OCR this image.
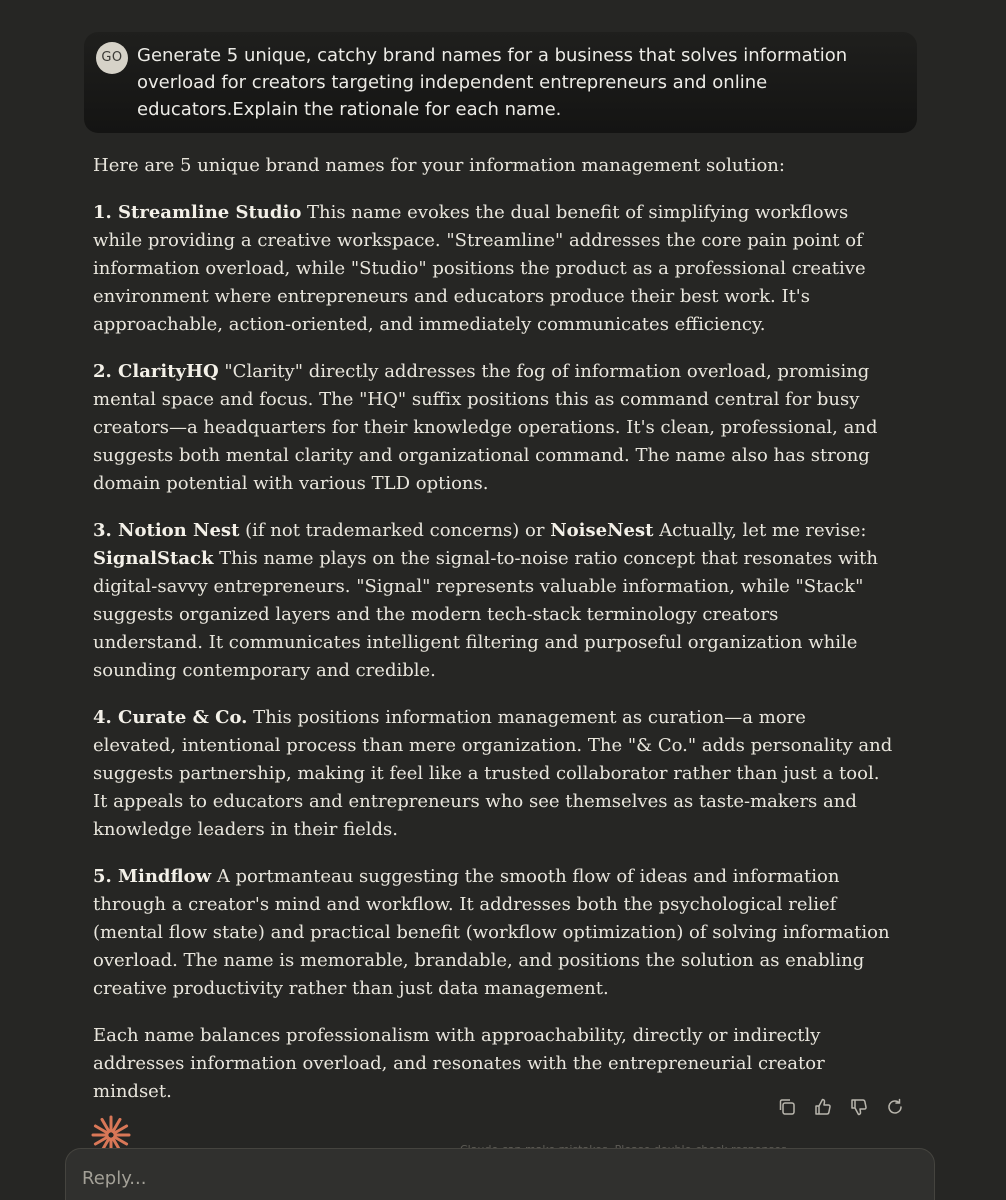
GO Generate 5 unique, catchy brand names for a business that solves information overload for creators targeting independent entrepreneurs and online educators.Explain the rationale for each name.

Here are 5 unique brand names for your information management solution:

1. Streamline Studio This name evokes the dual benefit of simplifying workflows while providing a creative workspace. "Streamline" addresses the core pain point of information overload, while "Studio" positions the product as a professional creative environment where entrepreneurs and educators produce their best work. It's approachable, action-oriented, and immediately communicates efficiency.

2. ClarityHQ "Clarity" directly addresses the fog of information overload, promising mental space and focus. The "HQ" suffix positions this as command central for busy creators—a headquarters for their knowledge operations. It's clean, professional, and suggests both mental clarity and organizational command. The name also has strong domain potential with various TLD options.

3. Notion Nest (if not trademarked concerns) or NoiseNest Actually, let me revise: SignalStack This name plays on the signal-to-noise ratio concept that resonates with digital-savvy entrepreneurs. "Signal" represents valuable information, while "Stack" suggests organized layers and the modern tech-stack terminology creators understand. It communicates intelligent filtering and purposeful organization while sounding contemporary and credible.

4. Curate & Co. This positions information management as curation—a more elevated, intentional process than mere organization. The "& Co." adds personality and suggests partnership, making it feel like a trusted collaborator rather than just a tool. It appeals to educators and entrepreneurs who see themselves as taste-makers and knowledge leaders in their fields.

5. Mindflow A portmanteau suggesting the smooth flow of ideas and information through a creator's mind and workflow. It addresses both the psychological relief (mental flow state) and practical benefit (workflow optimization) of solving information overload. The name is memorable, brandable, and positions the solution as enabling creative productivity rather than just data management.

Each name balances professionalism with approachability, directly or indirectly addresses information overload, and resonates with the entrepreneurial creator mindset.

Reply...
